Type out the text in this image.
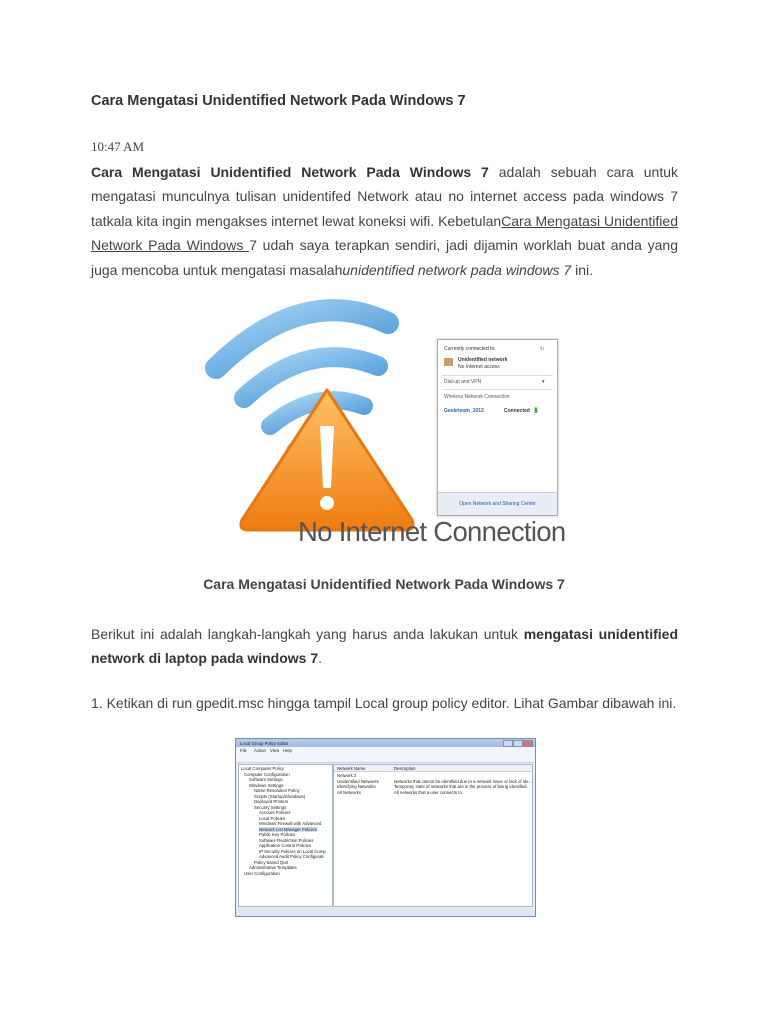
Cara Mengatasi Unidentified Network Pada Windows 7
10:47 AM

Cara Mengatasi Unidentified Network Pada Windows 7 adalah sebuah cara untuk mengatasi munculnya tulisan unidentifed Network atau no internet access pada windows 7 tatkala kita ingin mengakses internet lewat koneksi wifi. KebetulanCara Mengatasi Unidentified Network Pada Windows 7 udah saya terapkan sendiri, jadi dijamin worklah buat anda yang juga mencoba untuk mengatasi masalahunidentified network pada windows 7 ini.

Currently connected to:	↻
Unidentified network
No Internet access
Dial-up and VPN	▾
Wireless Network Connection
Geskrieum_1012	Connected ▮
Open Network and Sharing Center
No Internet Connection
Cara Mengatasi Unidentified Network Pada Windows 7

Berikut ini adalah langkah-langkah yang harus anda lakukan untuk mengatasi unidentified network di laptop pada windows 7.

1. Ketikan di run gpedit.msc hingga tampil Local group policy editor. Lihat Gambar dibawah ini.

Local Group Policy Editor
File Action View Help
Local Computer Policy
Computer Configuration
Software Settings
Windows Settings
Name Resolution Policy
Scripts (Startup/Shutdown)
Deployed Printers
Security Settings
Account Policies
Local Policies
Windows Firewall with Advanced
Network List Manager Policies
Public Key Policies
Software Restriction Policies
Application Control Policies
IP Security Policies on Local Comp
Advanced Audit Policy Configurati
Policy-based QoS
Administrative Templates
User Configuration
Network Name	Description
Network 2
Unidentified Networks	Networks that cannot be identified due to a network issue or lack of ide...
Identifying Networks	Temporary state of networks that are in the process of being identified.
All Networks	All networks that a user connects to.
